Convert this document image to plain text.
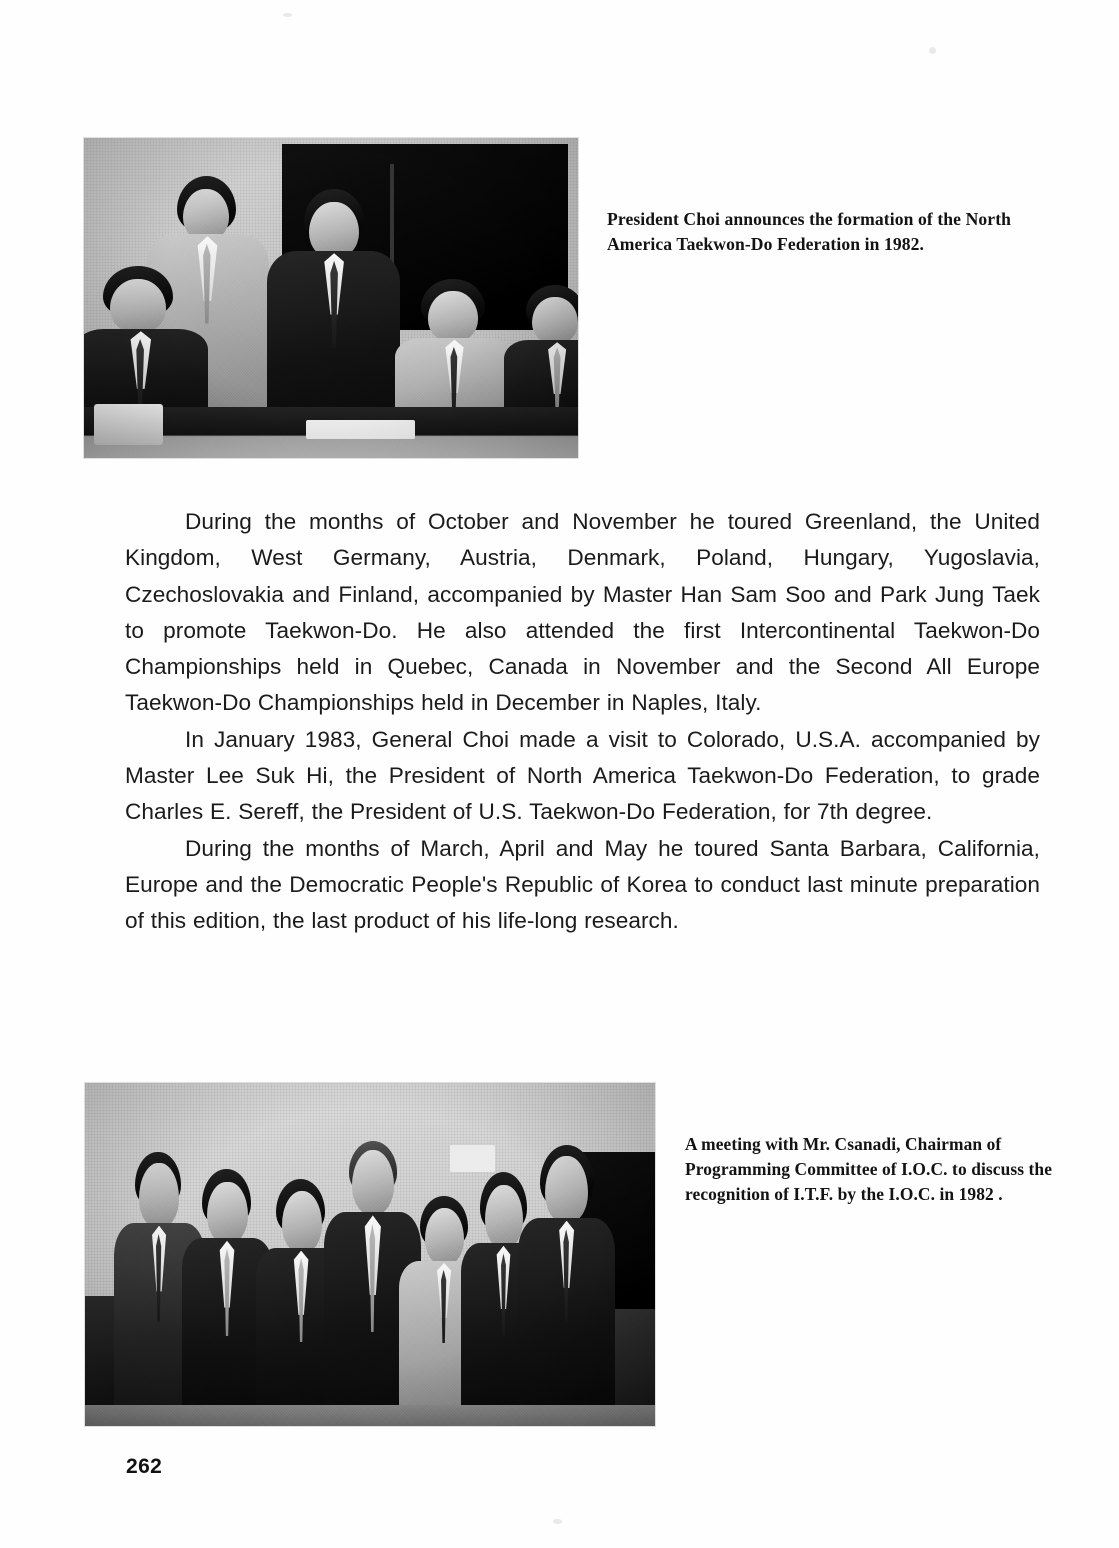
President Choi announces the formation of the North America Taekwon-Do Federation in 1982.

During the months of October and November he toured Greenland, the United Kingdom, West Germany, Austria, Denmark, Poland, Hungary, Yugoslavia, Czechoslovakia and Finland, accompanied by Master Han Sam Soo and Park Jung Taek to promote Taekwon-Do. He also attended the first Intercontinental Taekwon-Do Championships held in Quebec, Canada in November and the Second All Europe Taekwon-Do Championships held in December in Naples, Italy.

In January 1983, General Choi made a visit to Colorado, U.S.A. accompanied by Master Lee Suk Hi, the President of North America Taekwon-Do Federation, to grade Charles E. Sereff, the President of U.S. Taekwon-Do Federation, for 7th degree.

During the months of March, April and May he toured Santa Barbara, California, Europe and the Democratic People's Republic of Korea to conduct last minute preparation of this edition, the last product of his life-long research.

A meeting with Mr. Csanadi, Chairman of Programming Committee of I.O.C. to discuss the recognition of I.T.F. by the I.O.C. in 1982 .
262
